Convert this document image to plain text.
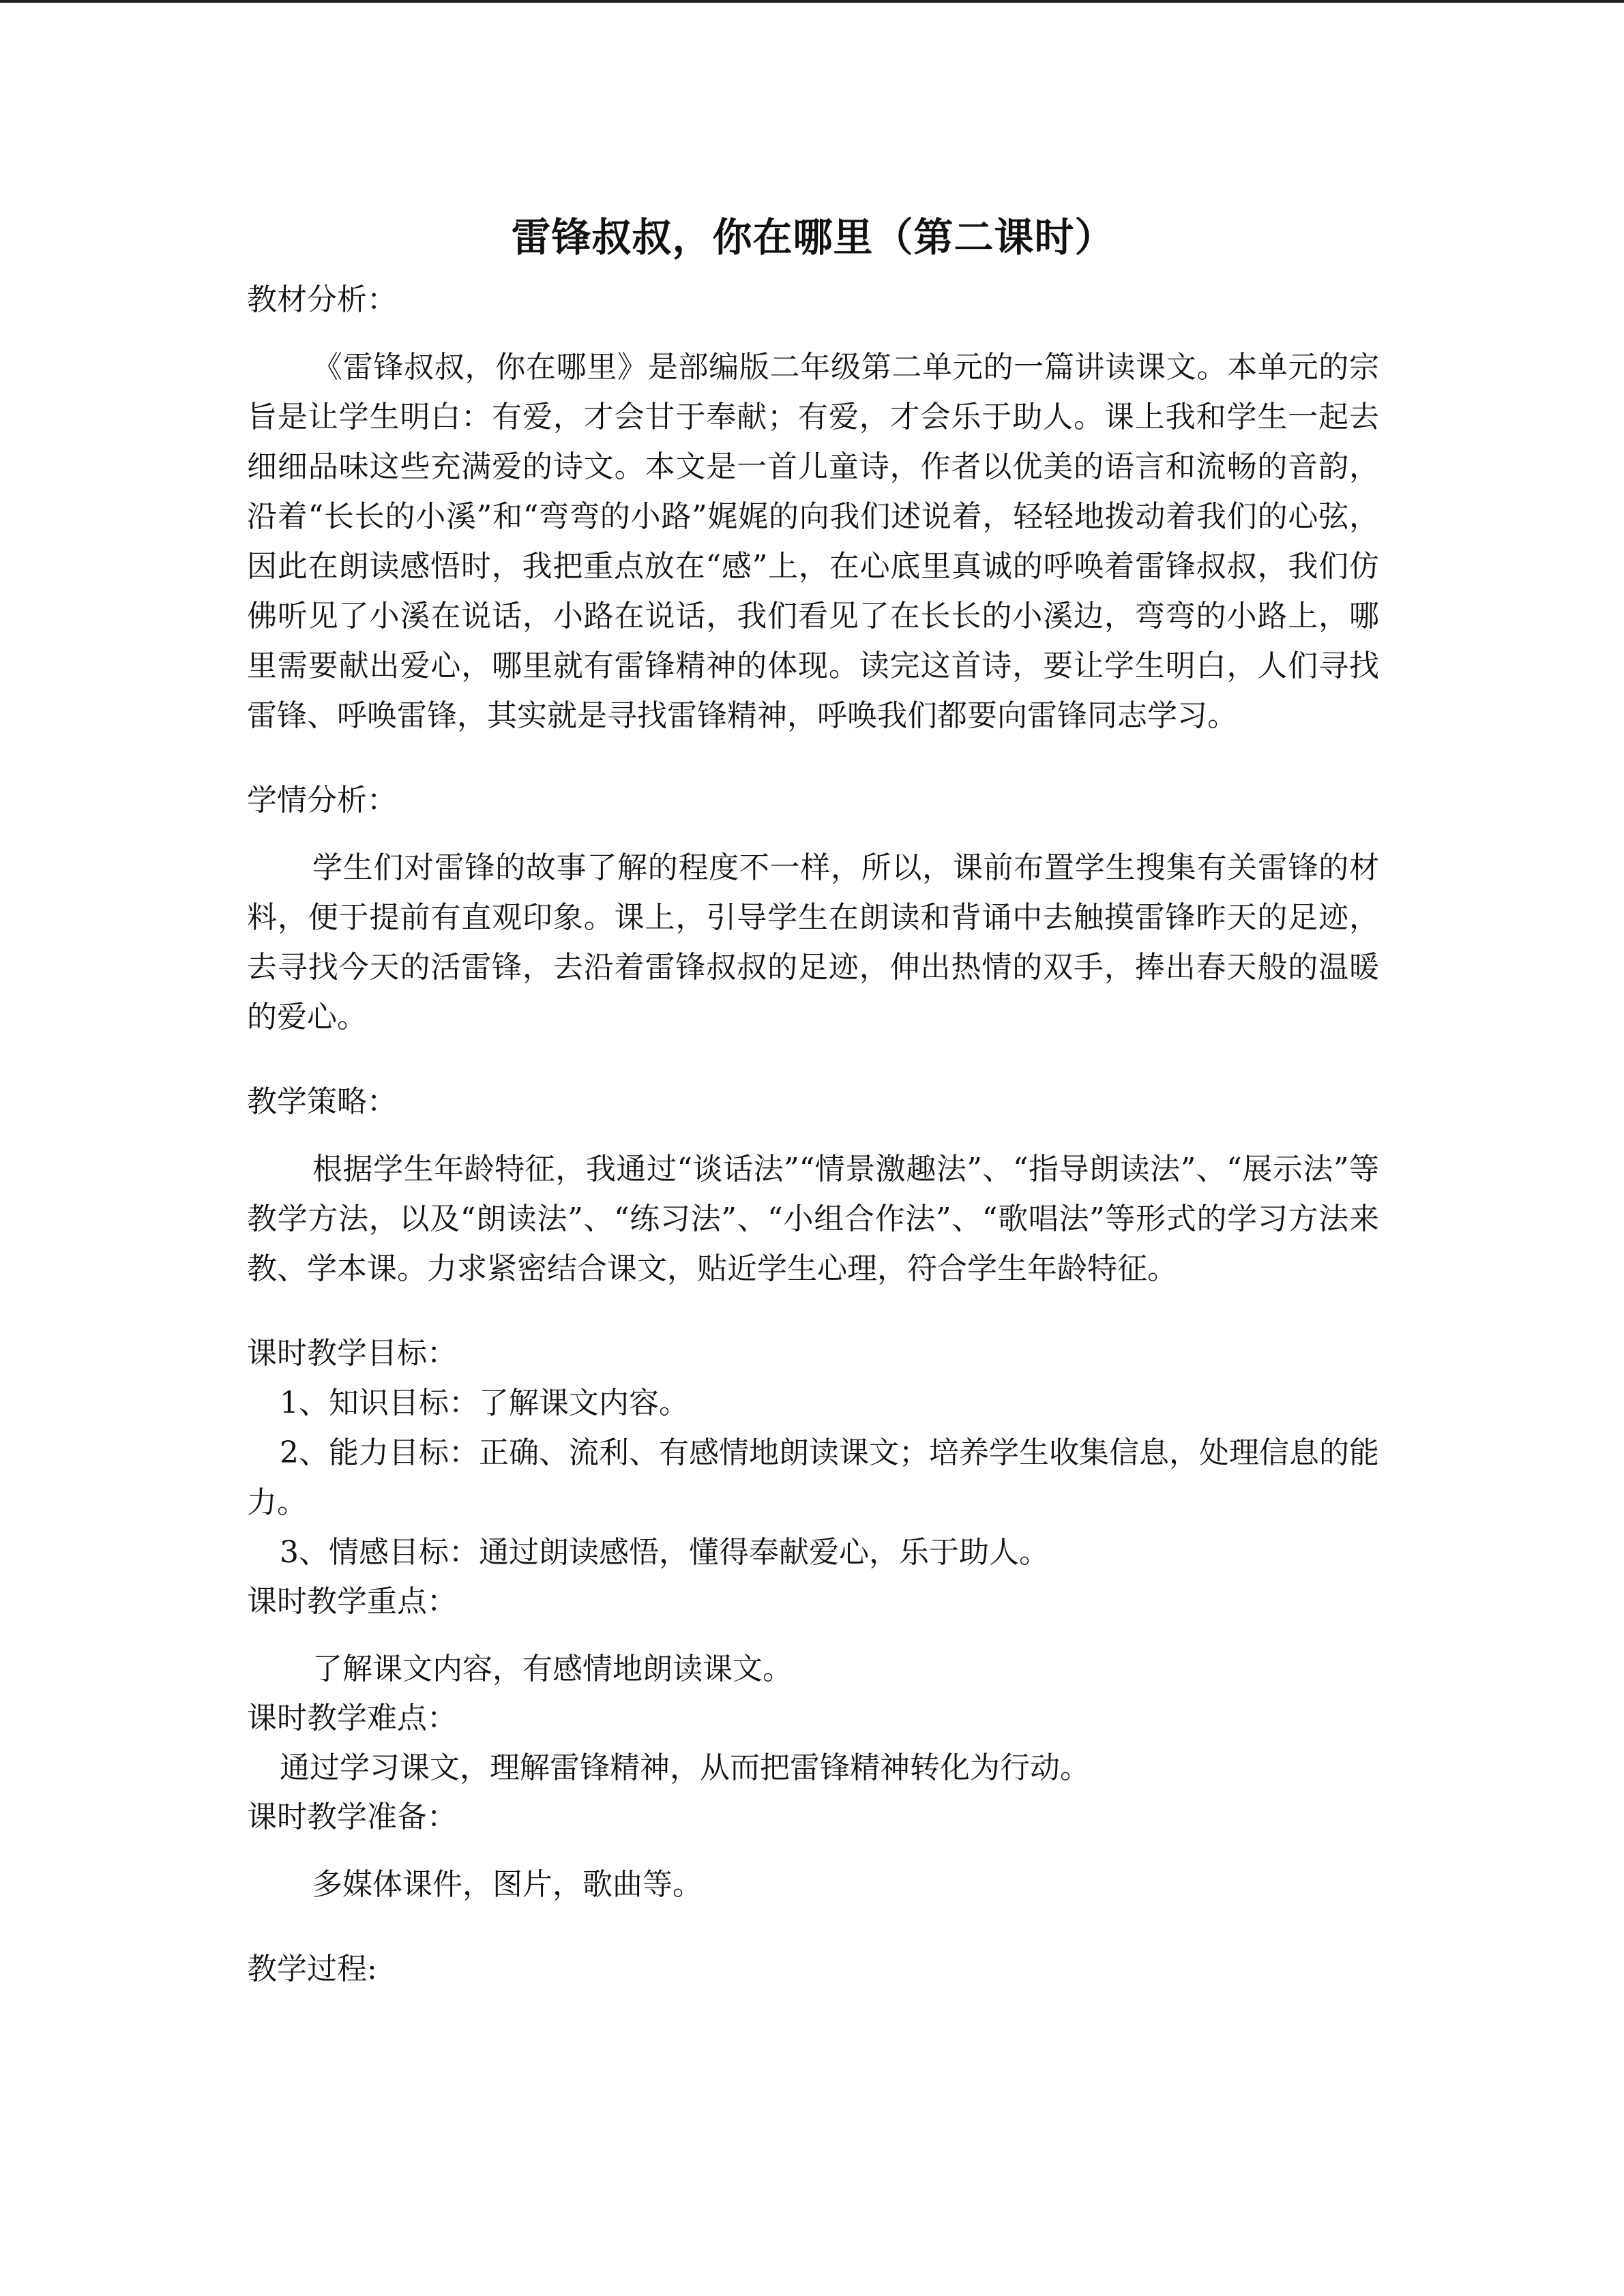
雷锋叔叔，你在哪里（第二课时）

教材分析：

《雷锋叔叔，你在哪里》是部编版二年级第二单元的一篇讲读课文。本单元的宗旨是让学生明白：有爱，才会甘于奉献；有爱，才会乐于助人。课上我和学生一起去细细品味这些充满爱的诗文。本文是一首儿童诗，作者以优美的语言和流畅的音韵，沿着“长长的小溪”和“弯弯的小路”娓娓的向我们述说着，轻轻地拨动着我们的心弦，因此在朗读感悟时，我把重点放在“感”上，在心底里真诚的呼唤着雷锋叔叔，我们仿佛听见了小溪在说话，小路在说话，我们看见了在长长的小溪边，弯弯的小路上，哪里需要献出爱心，哪里就有雷锋精神的体现。读完这首诗，要让学生明白，人们寻找雷锋、呼唤雷锋，其实就是寻找雷锋精神，呼唤我们都要向雷锋同志学习。

学情分析：

学生们对雷锋的故事了解的程度不一样，所以，课前布置学生搜集有关雷锋的材料，便于提前有直观印象。课上，引导学生在朗读和背诵中去触摸雷锋昨天的足迹，去寻找今天的活雷锋，去沿着雷锋叔叔的足迹，伸出热情的双手，捧出春天般的温暖的爱心。

教学策略：

根据学生年龄特征，我通过“谈话法”“情景激趣法”、“指导朗读法”、“展示法”等教学方法，以及“朗读法”、“练习法”、“小组合作法”、“歌唱法”等形式的学习方法来教、学本课。力求紧密结合课文，贴近学生心理，符合学生年龄特征。

课时教学目标：

1、知识目标：了解课文内容。

2、能力目标：正确、流利、有感情地朗读课文；培养学生收集信息，处理信息的能力。

3、情感目标：通过朗读感悟，懂得奉献爱心，乐于助人。

课时教学重点：

了解课文内容，有感情地朗读课文。

课时教学难点：

通过学习课文，理解雷锋精神，从而把雷锋精神转化为行动。

课时教学准备：

多媒体课件，图片，歌曲等。

教学过程:
